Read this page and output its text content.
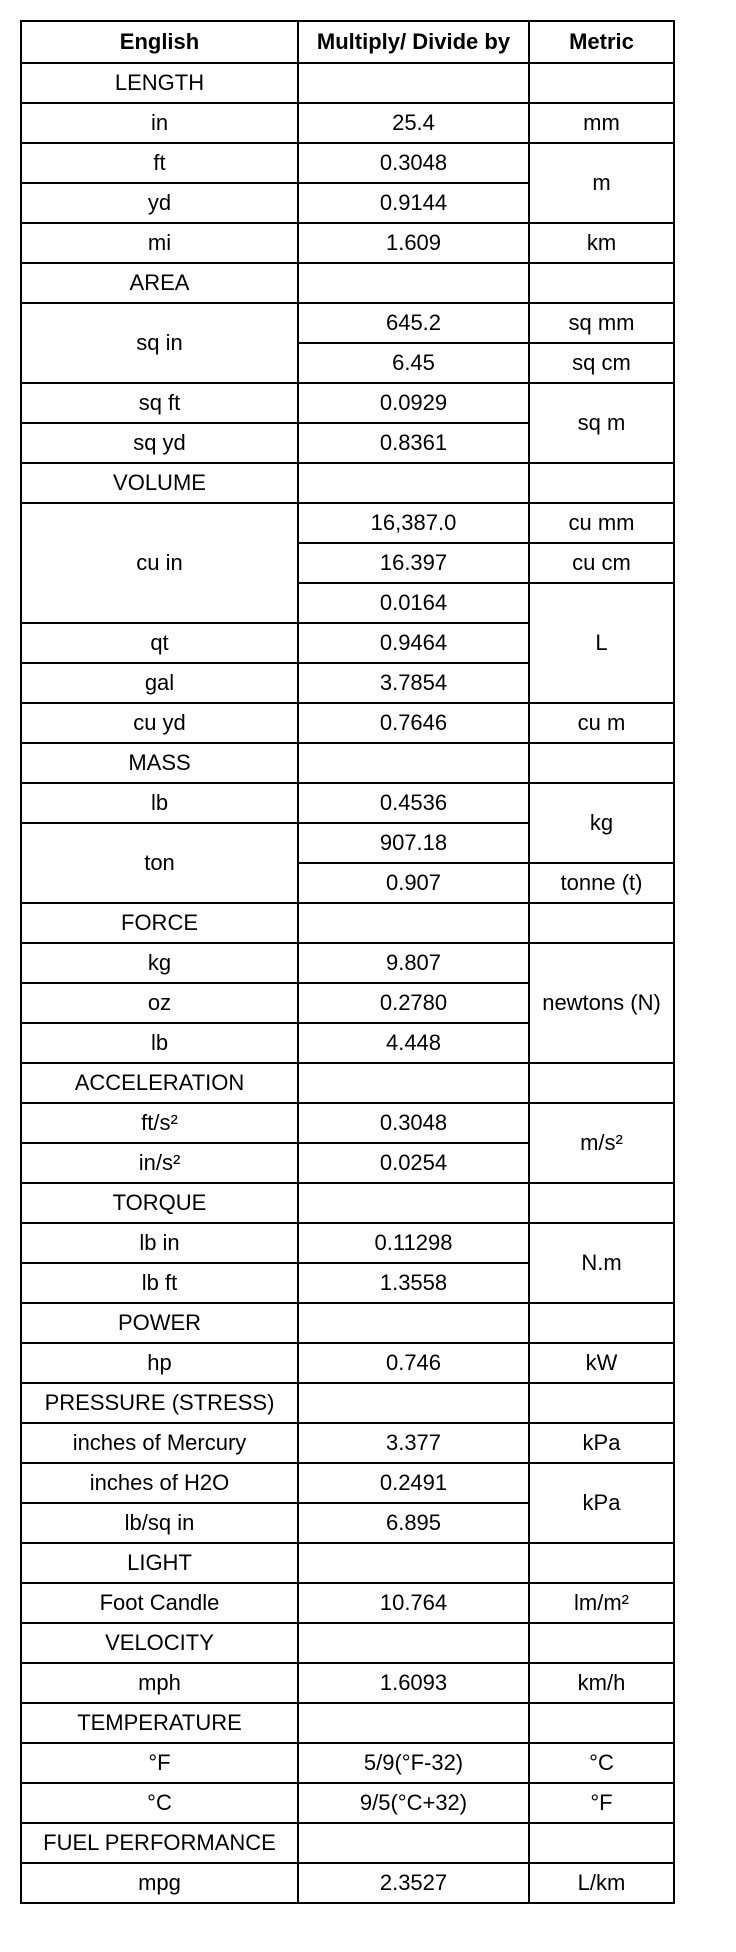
English	Multiply/ Divide by	Metric
LENGTH		
in	25.4	mm
ft	0.3048	m
yd	0.9144	
mi	1.609	km
AREA		
sq in	645.2	sq mm
	6.45	sq cm
sq ft	0.0929	sq m
sq yd	0.8361	
VOLUME		
cu in	16,387.0	cu mm
	16.397	cu cm
	0.0164	L
qt	0.9464	
gal	3.7854	
cu yd	0.7646	cu m
MASS		
lb	0.4536	kg
ton	907.18	
	0.907	tonne (t)
FORCE		
kg	9.807	newtons (N)
oz	0.2780	
lb	4.448	
ACCELERATION		
ft/s²	0.3048	m/s²
in/s²	0.0254	
TORQUE		
lb in	0.11298	N.m
lb ft	1.3558	
POWER		
hp	0.746	kW
PRESSURE (STRESS)		
inches of Mercury	3.377	kPa
inches of H2O	0.2491	kPa
lb/sq in	6.895	
LIGHT		
Foot Candle	10.764	lm/m²
VELOCITY		
mph	1.6093	km/h
TEMPERATURE		
°F	5/9(°F-32)	°C
°C	9/5(°C+32)	°F
FUEL PERFORMANCE		
mpg	2.3527	L/km
